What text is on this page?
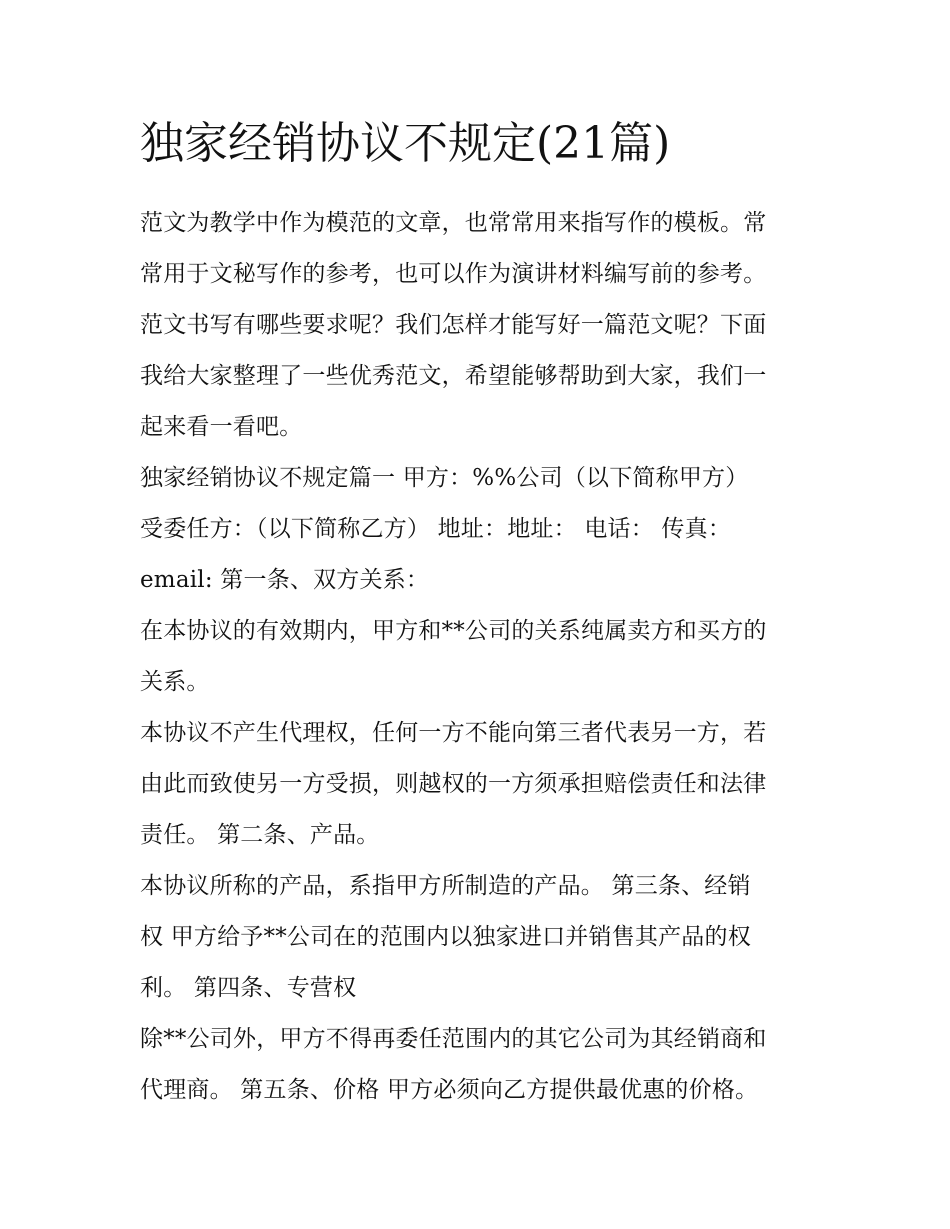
独家经销协议不规定(21篇)
范文为教学中作为模范的文章，也常常用来指写作的模板。常
常用于文秘写作的参考，也可以作为演讲材料编写前的参考。
范文书写有哪些要求呢？我们怎样才能写好一篇范文呢？下面
我给大家整理了一些优秀范文，希望能够帮助到大家，我们一
起来看一看吧。
独家经销协议不规定篇一 甲方：%%公司（以下简称甲方）
受委任方：（以下简称乙方） 地址：地址： 电话： 传真：
email: 第一条、双方关系：
在本协议的有效期内，甲方和**公司的关系纯属卖方和买方的
关系。
本协议不产生代理权，任何一方不能向第三者代表另一方，若
由此而致使另一方受损，则越权的一方须承担赔偿责任和法律
责任。 第二条、产品。
本协议所称的产品，系指甲方所制造的产品。 第三条、经销
权 甲方给予**公司在的范围内以独家进口并销售其产品的权
利。 第四条、专营权
除**公司外，甲方不得再委任范围内的其它公司为其经销商和
代理商。 第五条、价格 甲方必须向乙方提供最优惠的价格。
